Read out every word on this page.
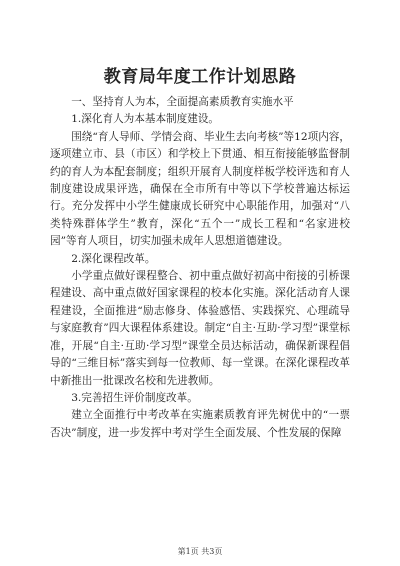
教育局年度工作计划思路

一、坚持育人为本，全面提高素质教育实施水平

1.深化育人为本基本制度建设。

围绕“育人导师、学情会商、毕业生去向考核”等12项内容，逐项建立市、县（市区）和学校上下贯通、相互衔接能够监督制约的育人为本配套制度；组织开展育人制度样板学校评选和育人制度建设成果评选，确保在全市所有中等以下学校普遍达标运行。充分发挥中小学生健康成长研究中心职能作用，加强对“八类特殊群体学生”教育，深化“五个一”成长工程和“名家进校园”等育人项目，切实加强未成年人思想道德建设。

2.深化课程改革。

小学重点做好课程整合、初中重点做好初高中衔接的引桥课程建设、高中重点做好国家课程的校本化实施。深化活动育人课程建设，全面推进“励志修身、体验感悟、实践探究、心理疏导与家庭教育”四大课程体系建设。制定“自主·互助·学习型”课堂标准，开展“自主·互助·学习型”课堂全员达标活动，确保新课程倡导的“三维目标”落实到每一位教师、每一堂课。在深化课程改革中新推出一批课改名校和先进教师。

3.完善招生评价制度改革。

建立全面推行中考改革在实施素质教育评先树优中的“一票否决”制度，进一步发挥中考对学生全面发展、个性发展的保障

第1页 共3页
